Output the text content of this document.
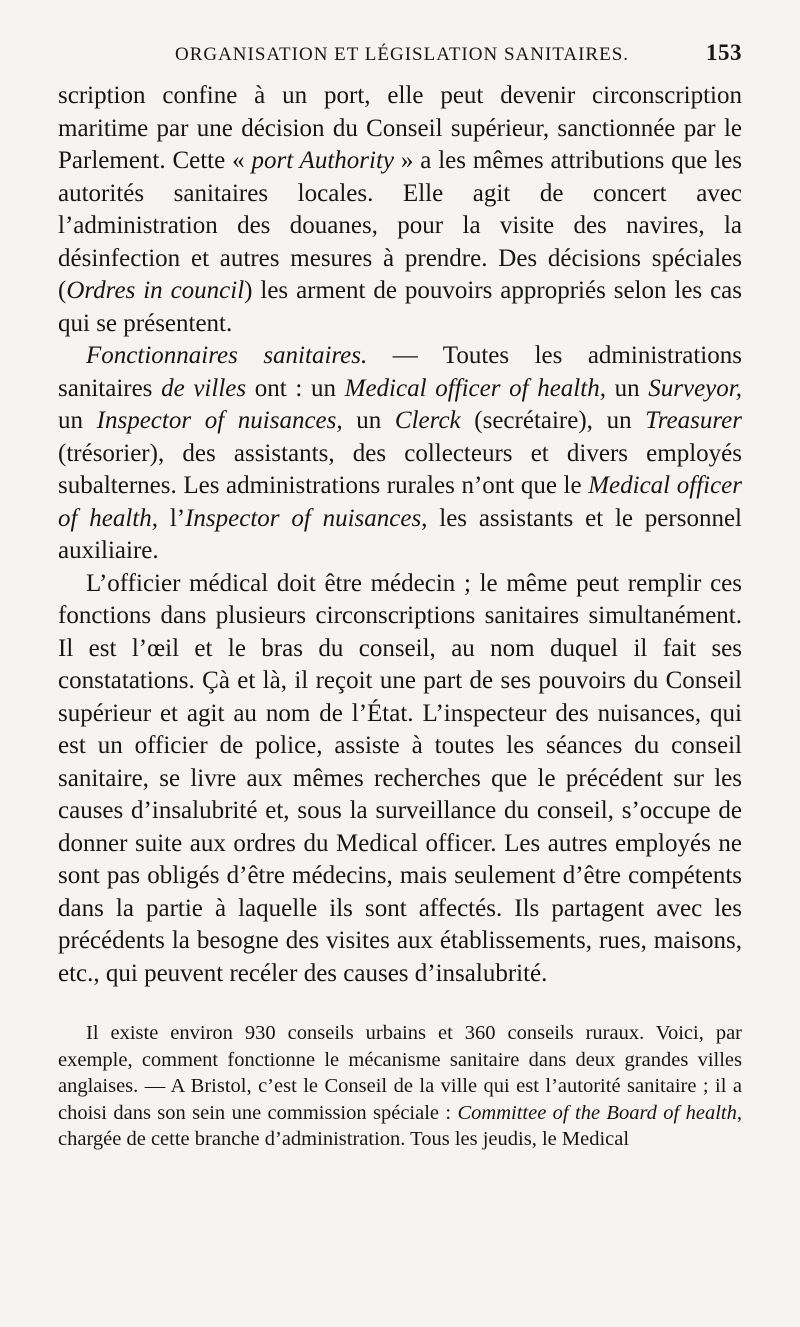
ORGANISATION ET LÉGISLATION SANITAIRES.	153

scription confine à un port, elle peut devenir circonscription maritime par une décision du Conseil supérieur, sanctionnée par le Parlement. Cette « port Authority » a les mêmes attributions que les autorités sanitaires locales. Elle agit de concert avec l’administration des douanes, pour la visite des navires, la désinfection et autres mesures à prendre. Des décisions spéciales (Ordres in council) les arment de pouvoirs appropriés selon les cas qui se présentent.

Fonctionnaires sanitaires. — Toutes les administrations sanitaires de villes ont : un Medical officer of health, un Surveyor, un Inspector of nuisances, un Clerck (secrétaire), un Treasurer (trésorier), des assistants, des collecteurs et divers employés subalternes. Les administrations rurales n’ont que le Medical officer of health, l’Inspector of nuisances, les assistants et le personnel auxiliaire.

L’officier médical doit être médecin ; le même peut remplir ces fonctions dans plusieurs circonscriptions sanitaires simultanément. Il est l’œil et le bras du conseil, au nom duquel il fait ses constatations. Çà et là, il reçoit une part de ses pouvoirs du Conseil supérieur et agit au nom de l’État. L’inspecteur des nuisances, qui est un officier de police, assiste à toutes les séances du conseil sanitaire, se livre aux mêmes recherches que le précédent sur les causes d’insalubrité et, sous la surveillance du conseil, s’occupe de donner suite aux ordres du Medical officer. Les autres employés ne sont pas obligés d’être médecins, mais seulement d’être compétents dans la partie à laquelle ils sont affectés. Ils partagent avec les précédents la besogne des visites aux établissements, rues, maisons, etc., qui peuvent recéler des causes d’insalubrité.

Il existe environ 930 conseils urbains et 360 conseils ruraux. Voici, par exemple, comment fonctionne le mécanisme sanitaire dans deux grandes villes anglaises. — A Bristol, c’est le Conseil de la ville qui est l’autorité sanitaire ; il a choisi dans son sein une commission spéciale : Committee of the Board of health, chargée de cette branche d’administration. Tous les jeudis, le Medical
